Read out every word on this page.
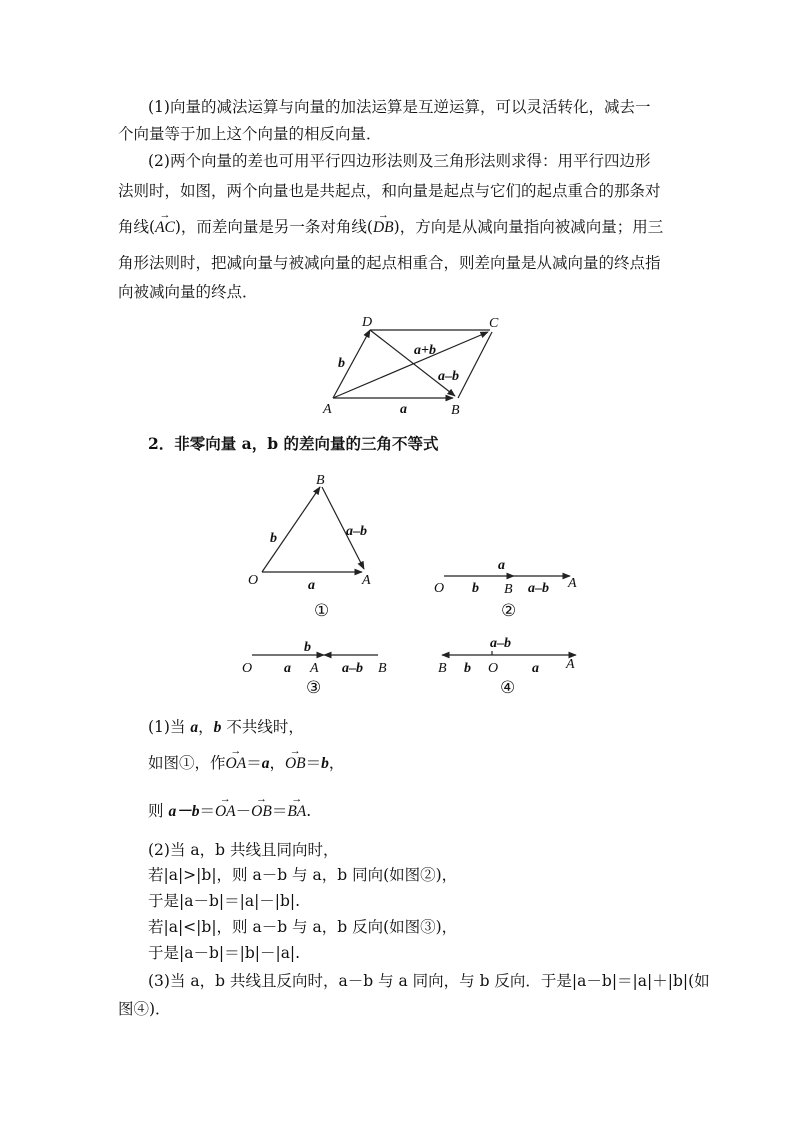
(1)向量的减法运算与向量的加法运算是互逆运算，可以灵活转化，减去一
个向量等于加上这个向量的相反向量．
(2)两个向量的差也可用平行四边形法则及三角形法则求得：用平行四边形
法则时，如图，两个向量也是共起点，和向量是起点与它们的起点重合的那条对
角线(→ AC)，而差向量是另一条对角线(→ DB)，方向是从减向量指向被减向量；用三
角形法则时，把减向量与被减向量的起点相重合，则差向量是从减向量的终点指
向被减向量的终点．
D	C
A	B
b
a
a+b
a–b
2．非零向量 a，b 的差向量的三角不等式
B
O	A
b
a
a–b
①
O
a
b B a–b A
②
b
O a A a–b B
③
a–b
B b O a A
④
(1)当 a，b 不共线时，
如图①，作→ OA＝a，→ OB＝b，
则 a－b＝→ OA－→ OB＝→ BA.
(2)当 a，b 共线且同向时，
若|a|>|b|，则 a－b 与 a，b 同向(如图②)，
于是|a－b|＝|a|－|b|.
若|a|<|b|，则 a－b 与 a，b 反向(如图③)，
于是|a－b|＝|b|－|a|.
(3)当 a，b 共线且反向时，a－b 与 a 同向，与 b 反向．于是|a－b|＝|a|＋|b|(如
图④)．
